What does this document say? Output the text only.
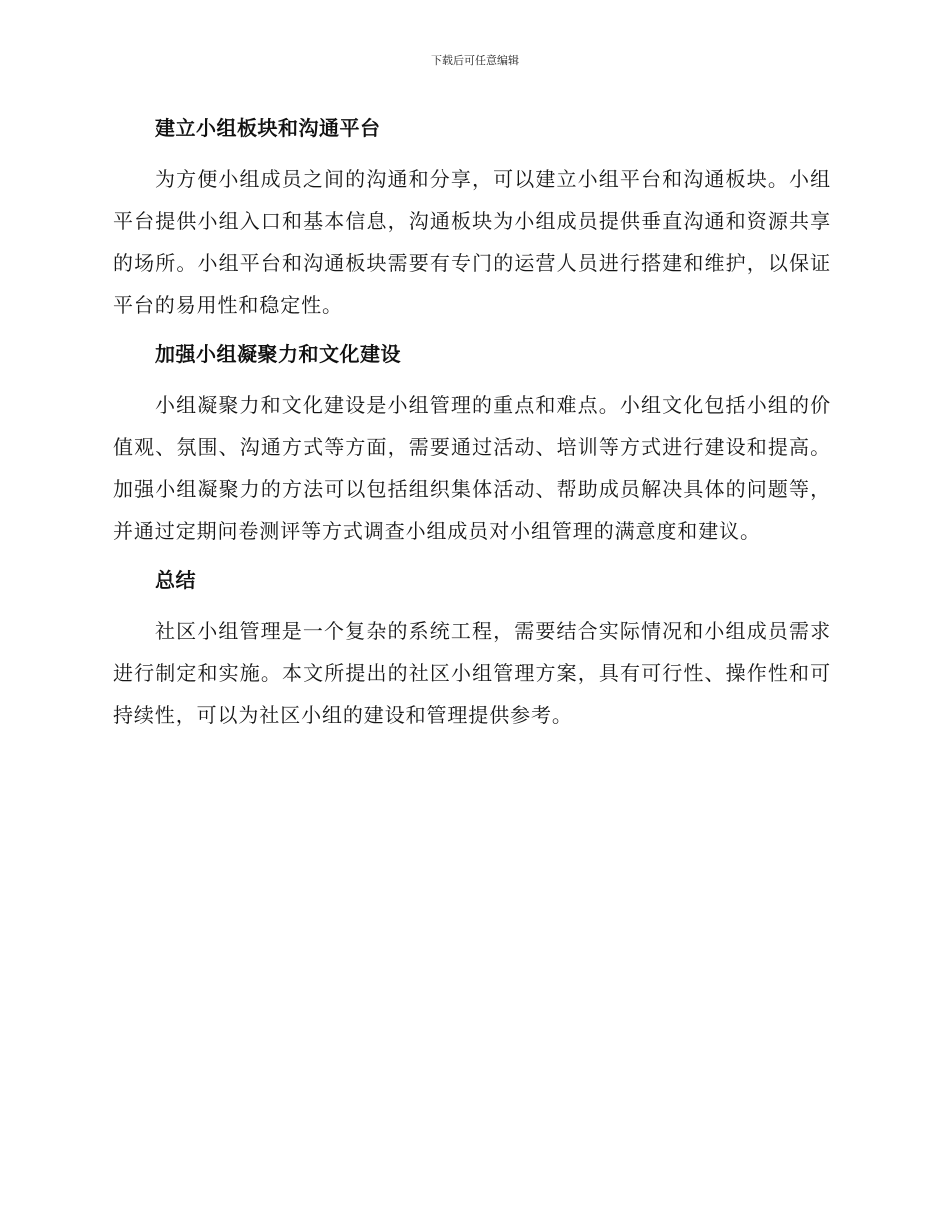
下载后可任意编辑
建立小组板块和沟通平台

为方便小组成员之间的沟通和分享，可以建立小组平台和沟通板块。小组平台提供小组入口和基本信息，沟通板块为小组成员提供垂直沟通和资源共享的场所。小组平台和沟通板块需要有专门的运营人员进行搭建和维护，以保证平台的易用性和稳定性。

加强小组凝聚力和文化建设

小组凝聚力和文化建设是小组管理的重点和难点。小组文化包括小组的价值观、氛围、沟通方式等方面，需要通过活动、培训等方式进行建设和提高。加强小组凝聚力的方法可以包括组织集体活动、帮助成员解决具体的问题等，并通过定期问卷测评等方式调查小组成员对小组管理的满意度和建议。

总结

社区小组管理是一个复杂的系统工程，需要结合实际情况和小组成员需求进行制定和实施。本文所提出的社区小组管理方案，具有可行性、操作性和可持续性，可以为社区小组的建设和管理提供参考。
